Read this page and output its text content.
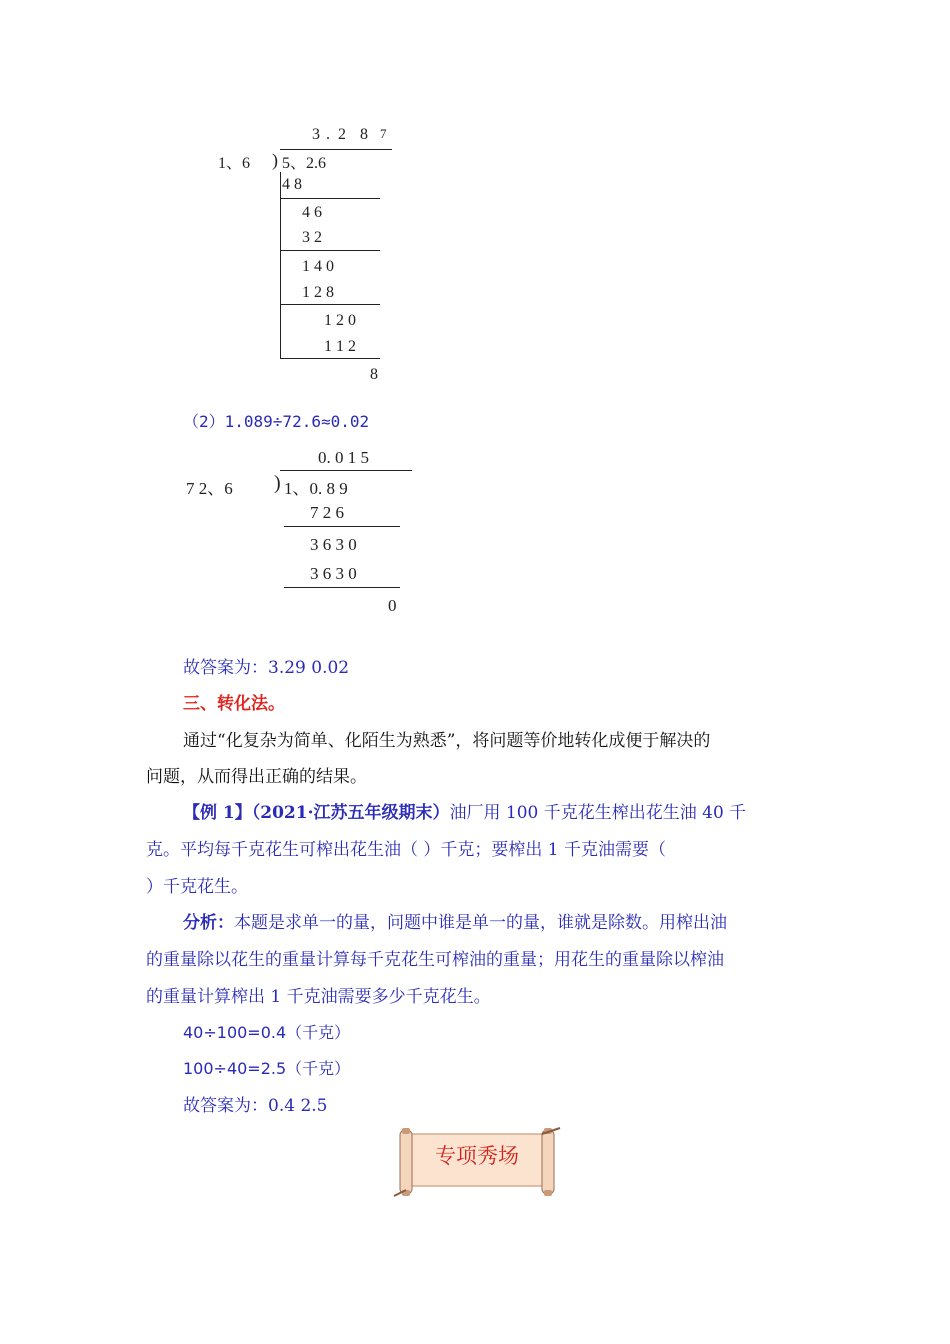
3 . 2 8 7
1、6 ) 5、2.6
4 8
4 6
3 2
1 4 0
1 2 8
1 2 0
1 1 2
8
（2）1.089÷72.6≈0.02
0. 0 1 5
7 2、6 ) 1、0. 8 9
7 2 6
3 6 3 0
3 6 3 0
0
故答案为：3.29 0.02
三、转化法。
通过“化复杂为简单、化陌生为熟悉”，将问题等价地转化成便于解决的
问题，从而得出正确的结果。
【例 1】（2021·江苏五年级期末）油厂用 100 千克花生榨出花生油 40 千
克。平均每千克花生可榨出花生油（ ）千克；要榨出 1 千克油需要（
）千克花生。
分析：本题是求单一的量，问题中谁是单一的量，谁就是除数。用榨出油
的重量除以花生的重量计算每千克花生可榨油的重量；用花生的重量除以榨油
的重量计算榨出 1 千克油需要多少千克花生。
40÷100=0.4（千克）
100÷40=2.5（千克）
故答案为：0.4 2.5
专项秀场
